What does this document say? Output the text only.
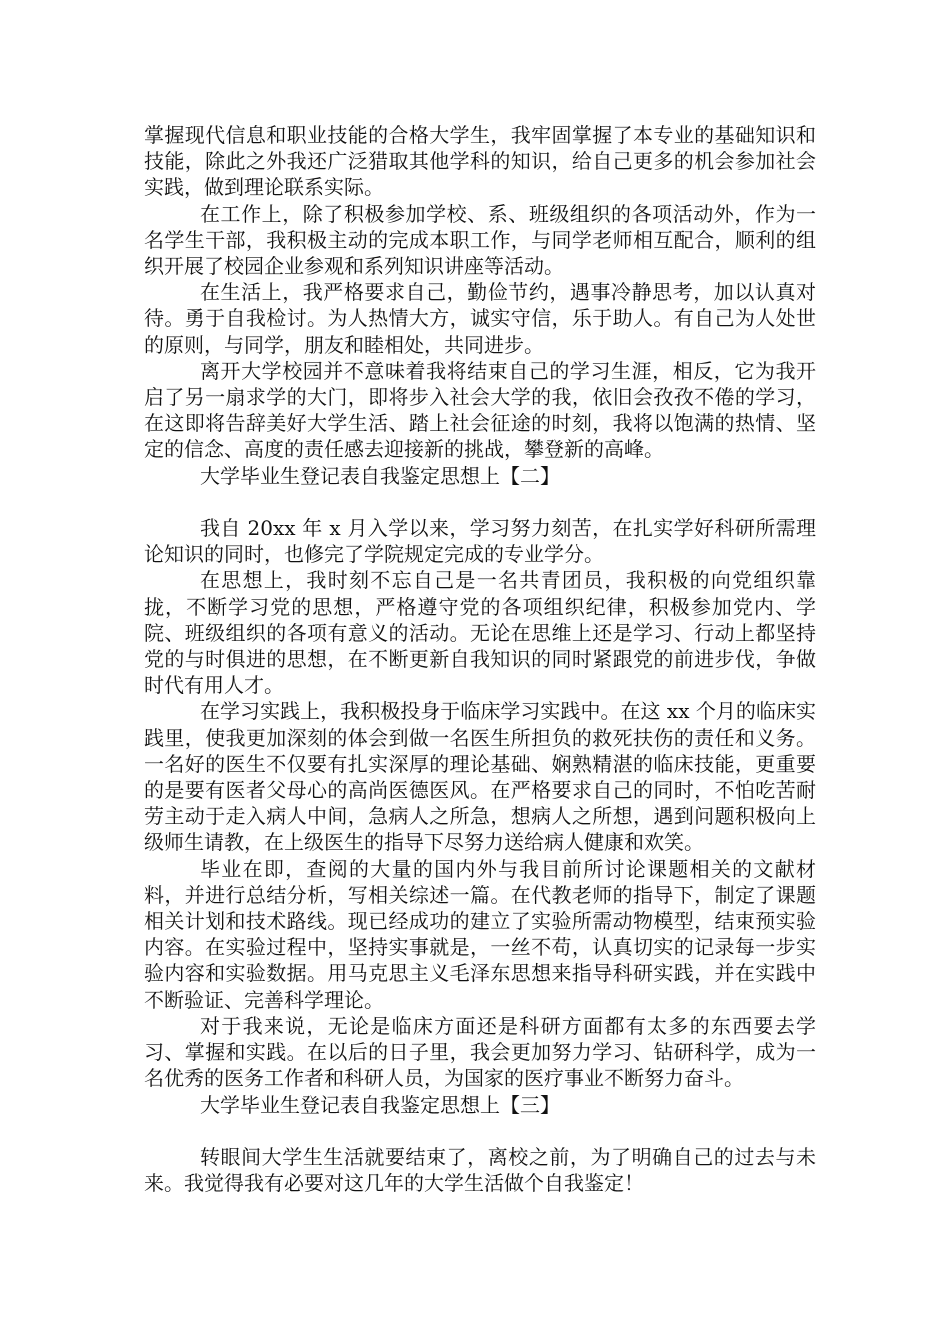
掌握现代信息和职业技能的合格大学生，我牢固掌握了本专业的基础知识和技能，除此之外我还广泛猎取其他学科的知识，给自己更多的机会参加社会实践，做到理论联系实际。

在工作上，除了积极参加学校、系、班级组织的各项活动外，作为一名学生干部，我积极主动的完成本职工作，与同学老师相互配合，顺利的组织开展了校园企业参观和系列知识讲座等活动。

在生活上，我严格要求自己，勤俭节约，遇事冷静思考，加以认真对待。勇于自我检讨。为人热情大方，诚实守信，乐于助人。有自己为人处世的原则，与同学，朋友和睦相处，共同进步。

离开大学校园并不意味着我将结束自己的学习生涯，相反，它为我开启了另一扇求学的大门，即将步入社会大学的我，依旧会孜孜不倦的学习，在这即将告辞美好大学生活、踏上社会征途的时刻，我将以饱满的热情、坚定的信念、高度的责任感去迎接新的挑战，攀登新的高峰。

大学毕业生登记表自我鉴定思想上【二】

我自 20xx 年 x 月入学以来，学习努力刻苦，在扎实学好科研所需理论知识的同时，也修完了学院规定完成的专业学分。

在思想上，我时刻不忘自己是一名共青团员，我积极的向党组织靠拢，不断学习党的思想，严格遵守党的各项组织纪律，积极参加党内、学院、班级组织的各项有意义的活动。无论在思维上还是学习、行动上都坚持党的与时俱进的思想，在不断更新自我知识的同时紧跟党的前进步伐，争做时代有用人才。

在学习实践上，我积极投身于临床学习实践中。在这 xx 个月的临床实践里，使我更加深刻的体会到做一名医生所担负的救死扶伤的责任和义务。一名好的医生不仅要有扎实深厚的理论基础、娴熟精湛的临床技能，更重要的是要有医者父母心的高尚医德医风。在严格要求自己的同时，不怕吃苦耐劳主动于走入病人中间，急病人之所急，想病人之所想，遇到问题积极向上级师生请教，在上级医生的指导下尽努力送给病人健康和欢笑。

毕业在即，查阅的大量的国内外与我目前所讨论课题相关的文献材料，并进行总结分析，写相关综述一篇。在代教老师的指导下，制定了课题相关计划和技术路线。现已经成功的建立了实验所需动物模型，结束预实验内容。在实验过程中，坚持实事就是，一丝不苟，认真切实的记录每一步实验内容和实验数据。用马克思主义毛泽东思想来指导科研实践，并在实践中不断验证、完善科学理论。

对于我来说，无论是临床方面还是科研方面都有太多的东西要去学习、掌握和实践。在以后的日子里，我会更加努力学习、钻研科学，成为一名优秀的医务工作者和科研人员，为国家的医疗事业不断努力奋斗。

大学毕业生登记表自我鉴定思想上【三】

转眼间大学生生活就要结束了，离校之前，为了明确自己的过去与未来。我觉得我有必要对这几年的大学生活做个自我鉴定！
